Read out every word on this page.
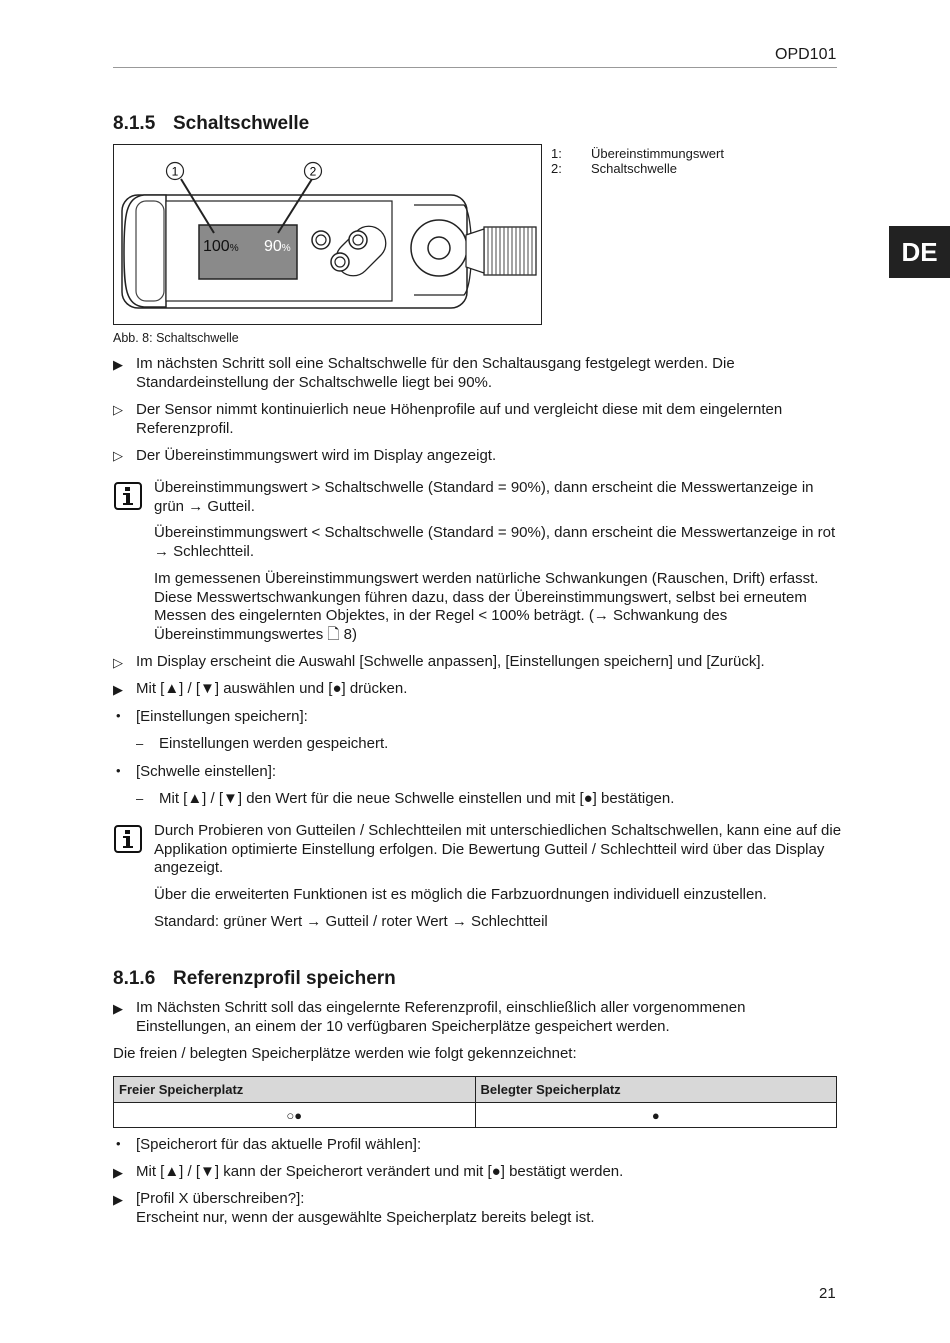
OPD101
DE
8.1.5 Schaltschwelle
1	2
100% 90%
1: Übereinstimmungswert
2: Schaltschwelle
Abb. 8: Schaltschwelle
▶ Im nächsten Schritt soll eine Schaltschwelle für den Schaltausgang festgelegt werden. Die Standardeinstellung der Schaltschwelle liegt bei 90%.
▷ Der Sensor nimmt kontinuierlich neue Höhenprofile auf und vergleicht diese mit dem eingelernten Referenzprofil.
▷ Der Übereinstimmungswert wird im Display angezeigt.
Übereinstimmungswert > Schaltschwelle (Standard = 90%), dann erscheint die Messwertanzeige in grün → Gutteil.
Übereinstimmungswert < Schaltschwelle (Standard = 90%), dann erscheint die Messwertanzeige in rot → Schlechtteil.
Im gemessenen Übereinstimmungswert werden natürliche Schwankungen (Rauschen, Drift) erfasst. Diese Messwertschwankungen führen dazu, dass der Übereinstimmungswert, selbst bei erneutem Messen des eingelernten Objektes, in der Regel < 100% beträgt. (→ Schwankung des Übereinstimmungswertes 🗋 8)
▷ Im Display erscheint die Auswahl [Schwelle anpassen], [Einstellungen speichern] und [Zurück].
▶ Mit [▲] / [▼] auswählen und [●] drücken.
• [Einstellungen speichern]:
– Einstellungen werden gespeichert.
• [Schwelle einstellen]:
– Mit [▲] / [▼] den Wert für die neue Schwelle einstellen und mit [●] bestätigen.
Durch Probieren von Gutteilen / Schlechtteilen mit unterschiedlichen Schaltschwellen, kann eine auf die Applikation optimierte Einstellung erfolgen. Die Bewertung Gutteil / Schlechtteil wird über das Display angezeigt.
Über die erweiterten Funktionen ist es möglich die Farbzuordnungen individuell einzustellen.
Standard: grüner Wert → Gutteil / roter Wert → Schlechtteil
8.1.6 Referenzprofil speichern
▶ Im Nächsten Schritt soll das eingelernte Referenzprofil, einschließlich aller vorgenommenen Einstellungen, an einem der 10 verfügbaren Speicherplätze gespeichert werden.
Die freien / belegten Speicherplätze werden wie folgt gekennzeichnet:
Freier Speicherplatz	Belegter Speicherplatz
○●	●
• [Speicherort für das aktuelle Profil wählen]:
▶ Mit [▲] / [▼] kann der Speicherort verändert und mit [●] bestätigt werden.
▶ [Profil X überschreiben?]:
Erscheint nur, wenn der ausgewählte Speicherplatz bereits belegt ist.
21
